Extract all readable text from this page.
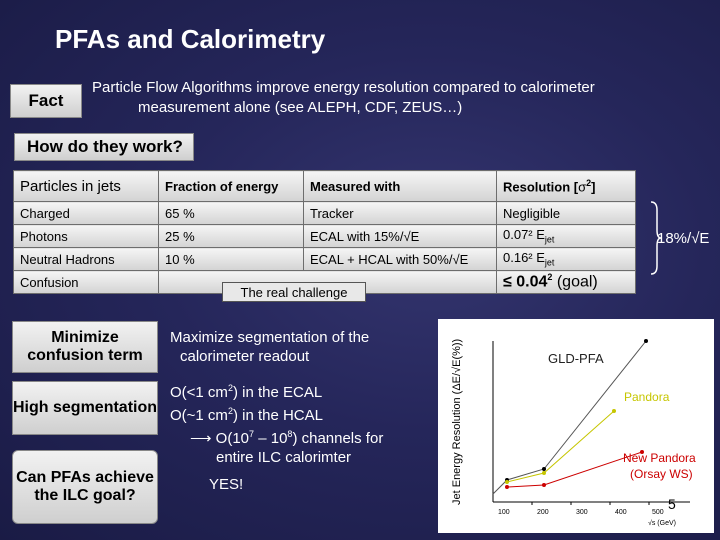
PFAs and Calorimetry
Fact
Particle Flow Algorithms improve energy resolution compared to calorimeter
measurement alone (see ALEPH, CDF, ZEUS…)
How do they work?
Particles in jets	Fraction of energy	Measured with	Resolution $[\sigma^2]$
Charged	65 %	Tracker	Negligible
Photons	25 %	ECAL with 15%/√E	0.07² $E_{jet}$
Neutral Hadrons	10 %	ECAL + HCAL with 50%/√E	0.16² $E_{jet}$
Confusion			≤ $0.04^2$ (goal)
The real challenge
18%/√E
Minimize confusion term
High segmentation
Can PFAs achieve the ILC goal?
Maximize segmentation of the
calorimeter readout
O(<1 $cm^2$) in the ECAL
O(~1 $cm^2$) in the HCAL
⟶ $O(10^7 - 10^8)$ channels for
entire ILC calorimter
YES!	Jet Energy Resolution (ΔE/√E(%))
100	200	300	400	500
√s (GeV)
GLD-PFA
Pandora
New Pandora
(Orsay WS)
5
